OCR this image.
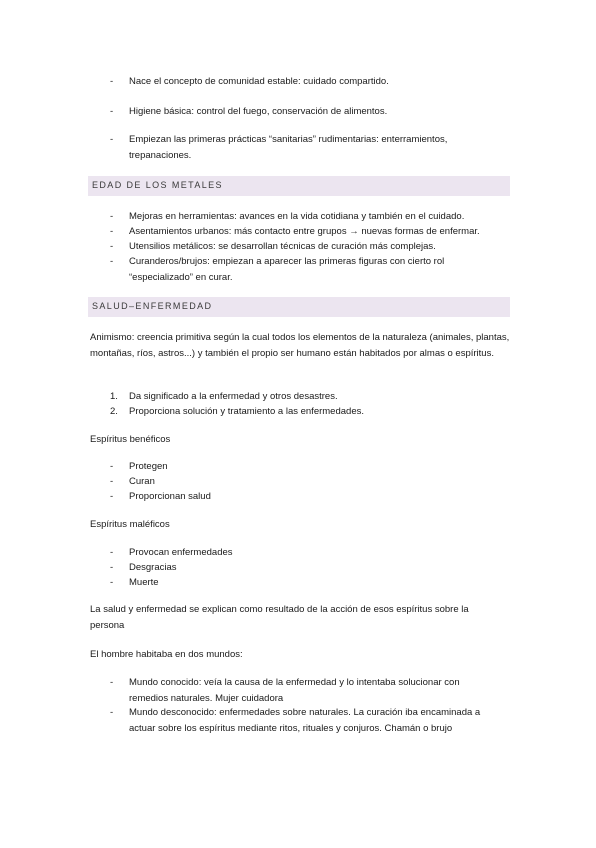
- Nace el concepto de comunidad estable: cuidado compartido.
- Higiene básica: control del fuego, conservación de alimentos.
- Empiezan las primeras prácticas “sanitarias” rudimentarias: enterramientos, trepanaciones.
EDAD DE LOS METALES
- Mejoras en herramientas: avances en la vida cotidiana y también en el cuidado.
- Asentamientos urbanos: más contacto entre grupos → nuevas formas de enfermar.
- Utensilios metálicos: se desarrollan técnicas de curación más complejas.
- Curanderos/brujos: empiezan a aparecer las primeras figuras con cierto rol “especializado” en curar.
SALUD–ENFERMEDAD
Animismo: creencia primitiva según la cual todos los elementos de la naturaleza (animales, plantas, montañas, ríos, astros...) y también el propio ser humano están habitados por almas o espíritus.
1. Da significado a la enfermedad y otros desastres.
2. Proporciona solución y tratamiento a las enfermedades.
Espíritus benéficos
- Protegen
- Curan
- Proporcionan salud
Espíritus maléficos
- Provocan enfermedades
- Desgracias
- Muerte
La salud y enfermedad se explican como resultado de la acción de esos espíritus sobre la persona
El hombre habitaba en dos mundos:
- Mundo conocido: veía la causa de la enfermedad y lo intentaba solucionar con remedios naturales. Mujer cuidadora
- Mundo desconocido: enfermedades sobre naturales. La curación iba encaminada a actuar sobre los espíritus mediante ritos, rituales y conjuros. Chamán o brujo
